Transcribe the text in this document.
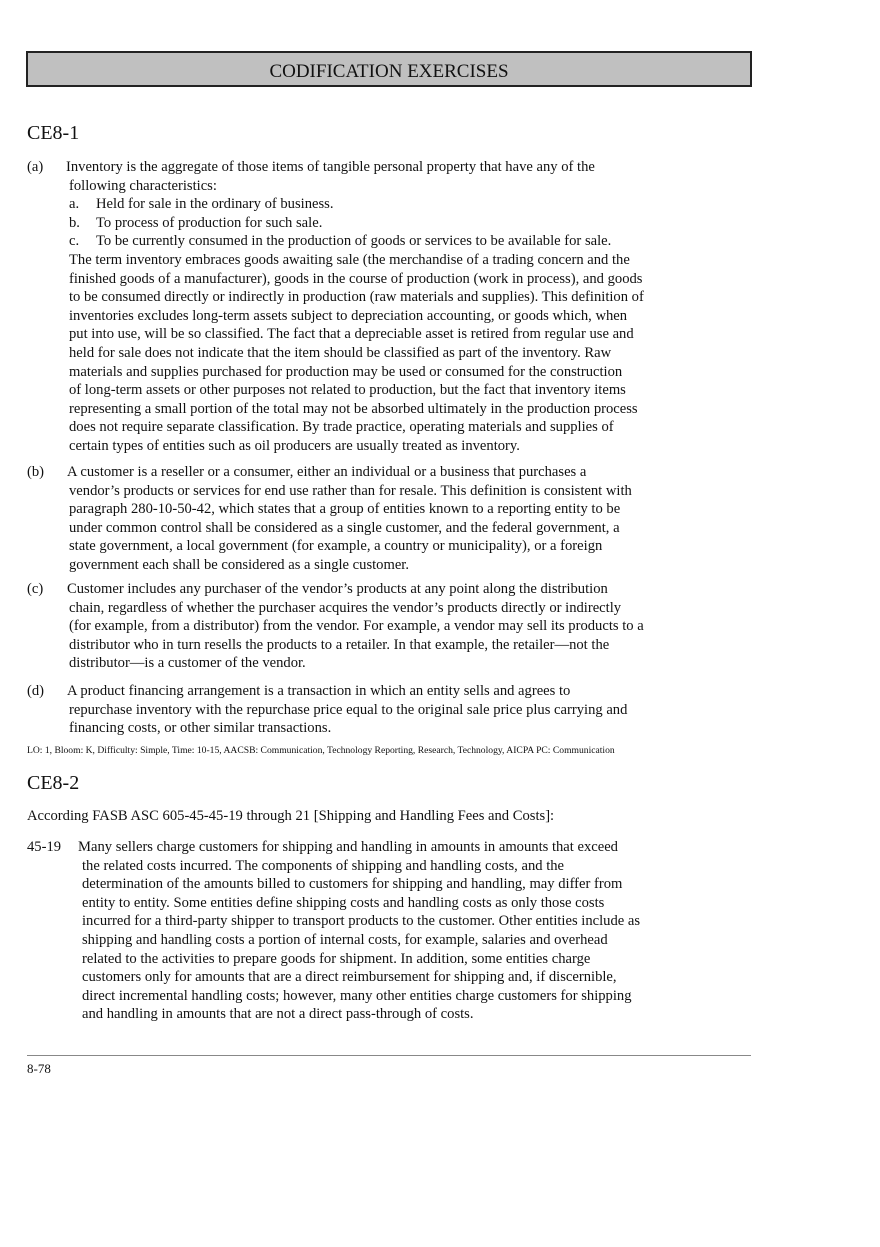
CODIFICATION EXERCISES
CE8-1
(a)	Inventory is the aggregate of those items of tangible personal property that have any of the
following characteristics:
a. Held for sale in the ordinary of business.
b. To process of production for such sale.
c. To be currently consumed in the production of goods or services to be available for sale.
The term inventory embraces goods awaiting sale (the merchandise of a trading concern and the
finished goods of a manufacturer), goods in the course of production (work in process), and goods
to be consumed directly or indirectly in production (raw materials and supplies). This definition of
inventories excludes long-term assets subject to depreciation accounting, or goods which, when
put into use, will be so classified. The fact that a depreciable asset is retired from regular use and
held for sale does not indicate that the item should be classified as part of the inventory. Raw
materials and supplies purchased for production may be used or consumed for the construction
of long-term assets or other purposes not related to production, but the fact that inventory items
representing a small portion of the total may not be absorbed ultimately in the production process
does not require separate classification. By trade practice, operating materials and supplies of
certain types of entities such as oil producers are usually treated as inventory.
(b)	A customer is a reseller or a consumer, either an individual or a business that purchases a
vendor’s products or services for end use rather than for resale. This definition is consistent with
paragraph 280-10-50-42, which states that a group of entities known to a reporting entity to be
under common control shall be considered as a single customer, and the federal government, a
state government, a local government (for example, a country or municipality), or a foreign
government each shall be considered as a single customer.
(c)	Customer includes any purchaser of the vendor’s products at any point along the distribution
chain, regardless of whether the purchaser acquires the vendor’s products directly or indirectly
(for example, from a distributor) from the vendor. For example, a vendor may sell its products to a
distributor who in turn resells the products to a retailer. In that example, the retailer—not the
distributor—is a customer of the vendor.
(d)	A product financing arrangement is a transaction in which an entity sells and agrees to
repurchase inventory with the repurchase price equal to the original sale price plus carrying and
financing costs, or other similar transactions.
LO: 1, Bloom: K, Difficulty: Simple, Time: 10-15, AACSB: Communication, Technology Reporting, Research, Technology, AICPA PC: Communication
CE8-2
According FASB ASC 605-45-45-19 through 21 [Shipping and Handling Fees and Costs]:
45-19	Many sellers charge customers for shipping and handling in amounts in amounts that exceed
the related costs incurred. The components of shipping and handling costs, and the
determination of the amounts billed to customers for shipping and handling, may differ from
entity to entity. Some entities define shipping costs and handling costs as only those costs
incurred for a third-party shipper to transport products to the customer. Other entities include as
shipping and handling costs a portion of internal costs, for example, salaries and overhead
related to the activities to prepare goods for shipment. In addition, some entities charge
customers only for amounts that are a direct reimbursement for shipping and, if discernible,
direct incremental handling costs; however, many other entities charge customers for shipping
and handling in amounts that are not a direct pass-through of costs.
8-78
